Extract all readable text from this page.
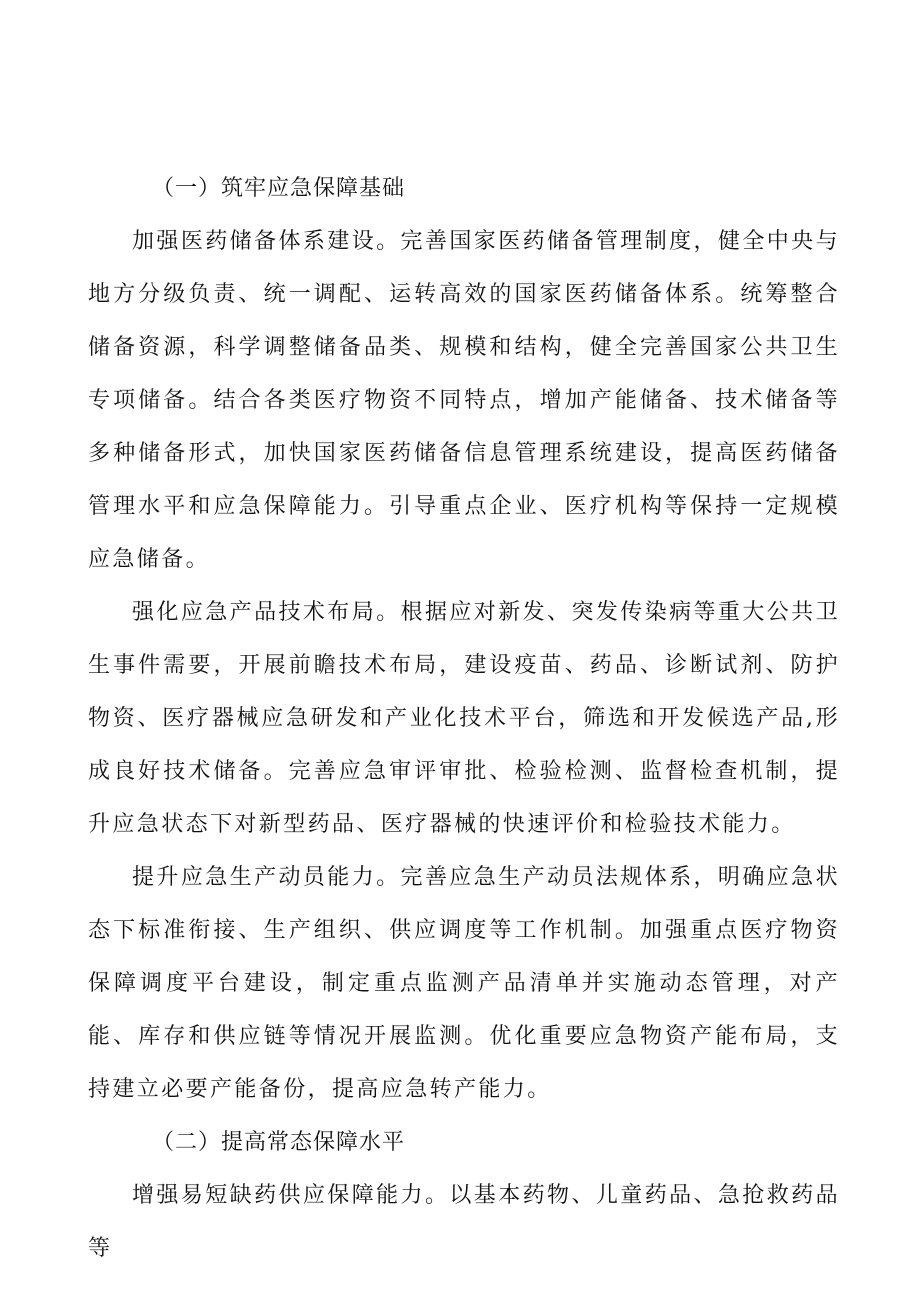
（一）筑牢应急保障基础

加强医药储备体系建设。完善国家医药储备管理制度，健全中央与地方分级负责、统一调配、运转高效的国家医药储备体系。统筹整合储备资源，科学调整储备品类、规模和结构，健全完善国家公共卫生专项储备。结合各类医疗物资不同特点，增加产能储备、技术储备等多种储备形式，加快国家医药储备信息管理系统建设，提高医药储备管理水平和应急保障能力。引导重点企业、医疗机构等保持一定规模应急储备。

强化应急产品技术布局。根据应对新发、突发传染病等重大公共卫生事件需要，开展前瞻技术布局，建设疫苗、药品、诊断试剂、防护物资、医疗器械应急研发和产业化技术平台，筛选和开发候选产品,形成良好技术储备。完善应急审评审批、检验检测、监督检查机制，提升应急状态下对新型药品、医疗器械的快速评价和检验技术能力。

提升应急生产动员能力。完善应急生产动员法规体系，明确应急状态下标准衔接、生产组织、供应调度等工作机制。加强重点医疗物资保障调度平台建设，制定重点监测产品清单并实施动态管理，对产能、库存和供应链等情况开展监测。优化重要应急物资产能布局，支持建立必要产能备份，提高应急转产能力。

（二）提高常态保障水平

增强易短缺药供应保障能力。以基本药物、儿童药品、急抢救药品等
